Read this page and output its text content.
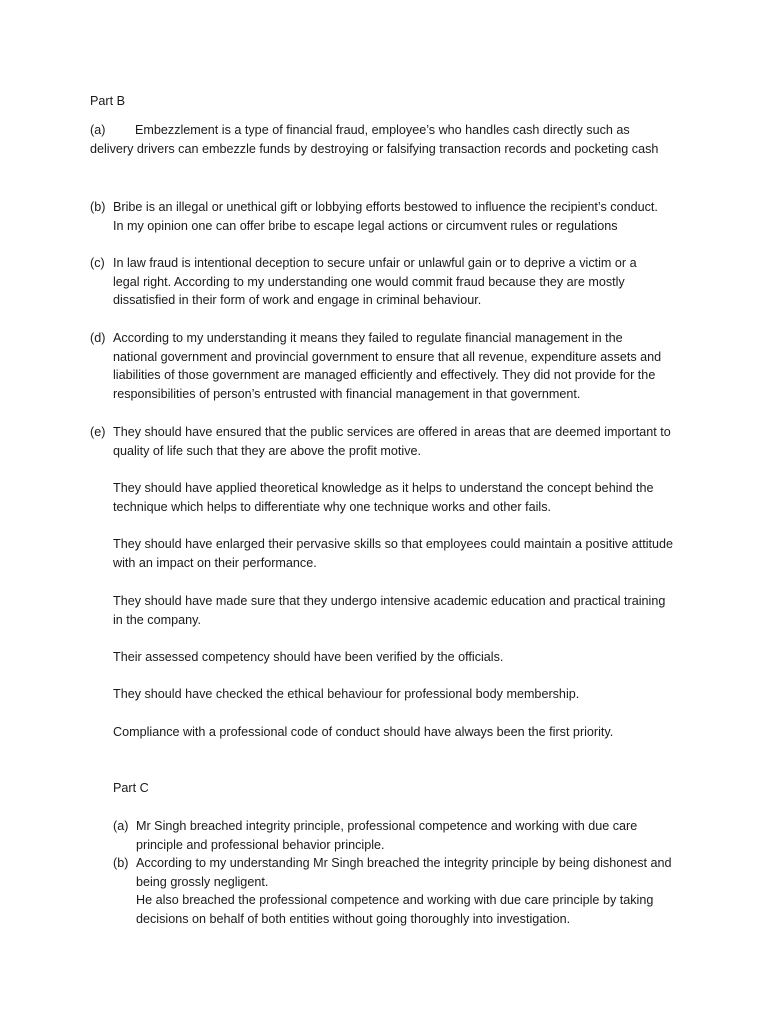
Part B
(a) Embezzlement is a type of financial fraud, employee’s who handles cash directly such as
delivery drivers can embezzle funds by destroying or falsifying transaction records and pocketing cash
(b) Bribe is an illegal or unethical gift or lobbying efforts bestowed to influence the recipient’s conduct.
In my opinion one can offer bribe to escape legal actions or circumvent rules or regulations
(c) In law fraud is intentional deception to secure unfair or unlawful gain or to deprive a victim or a
legal right. According to my understanding one would commit fraud because they are mostly
dissatisfied in their form of work and engage in criminal behaviour.
(d) According to my understanding it means they failed to regulate financial management in the
national government and provincial government to ensure that all revenue, expenditure assets and
liabilities of those government are managed efficiently and effectively. They did not provide for the
responsibilities of person’s entrusted with financial management in that government.
(e) They should have ensured that the public services are offered in areas that are deemed important to
quality of life such that they are above the profit motive.
They should have applied theoretical knowledge as it helps to understand the concept behind the
technique which helps to differentiate why one technique works and other fails.
They should have enlarged their pervasive skills so that employees could maintain a positive attitude
with an impact on their performance.
They should have made sure that they undergo intensive academic education and practical training
in the company.
Their assessed competency should have been verified by the officials.
They should have checked the ethical behaviour for professional body membership.
Compliance with a professional code of conduct should have always been the first priority.
Part C
(a) Mr Singh breached integrity principle, professional competence and working with due care
principle and professional behavior principle.
(b) According to my understanding Mr Singh breached the integrity principle by being dishonest and
being grossly negligent.
He also breached the professional competence and working with due care principle by taking
decisions on behalf of both entities without going thoroughly into investigation.
